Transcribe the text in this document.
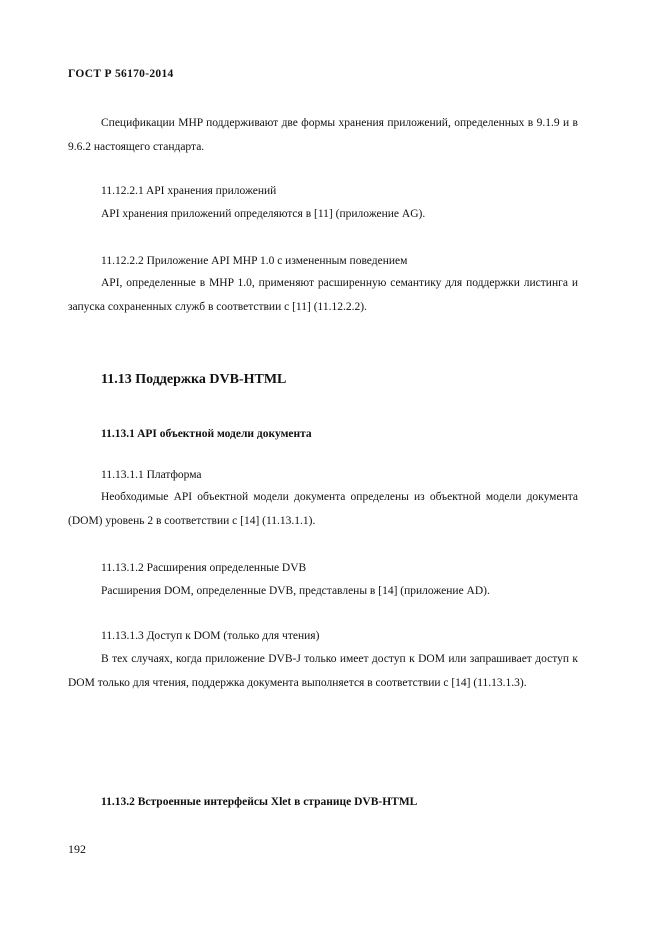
ГОСТ Р 56170-2014

Спецификации MHP поддерживают две формы хранения приложений, определенных в 9.1.9 и в 9.6.2 настоящего стандарта.

11.12.2.1 API хранения приложений

API хранения приложений определяются в [11] (приложение AG).

11.12.2.2 Приложение API MHP 1.0 с измененным поведением

API, определенные в MHP 1.0, применяют расширенную семантику для поддержки листинга и запуска сохраненных служб в соответствии с [11] (11.12.2.2).

11.13 Поддержка DVB-HTML

11.13.1 API объектной модели документа

11.13.1.1 Платформа

Необходимые API объектной модели документа определены из объектной модели документа (DOM) уровень 2 в соответствии с [14] (11.13.1.1).

11.13.1.2 Расширения определенные DVB

Расширения DOM, определенные DVB, представлены в [14] (приложение AD).

11.13.1.3 Доступ к DOM (только для чтения)

В тех случаях, когда приложение DVB-J только имеет доступ к DOM или запрашивает доступ к DOM только для чтения, поддержка документа выполняется в соответствии с [14] (11.13.1.3).

11.13.2 Встроенные интерфейсы Xlet в странице DVB-HTML

192
